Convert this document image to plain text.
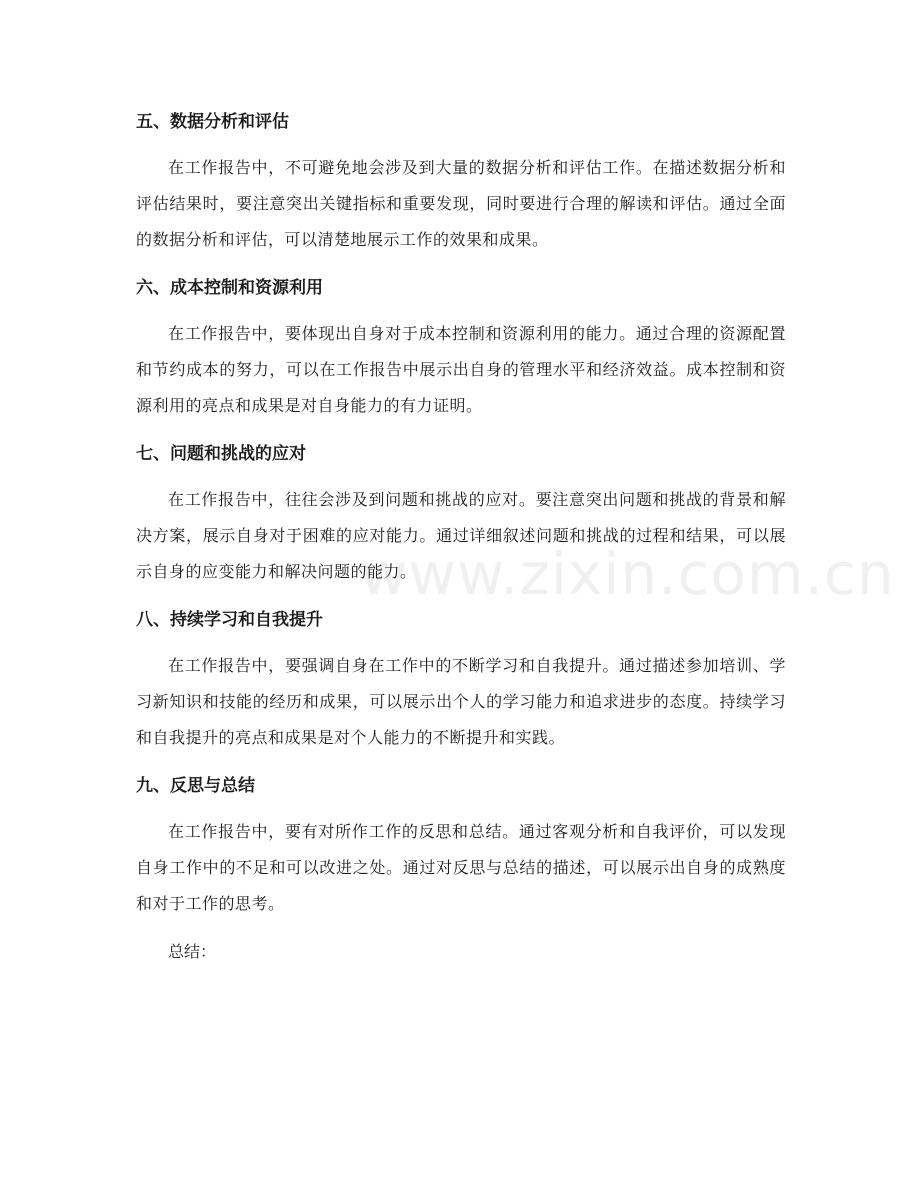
五、数据分析和评估

在工作报告中，不可避免地会涉及到大量的数据分析和评估工作。在描述数据分析和评估结果时，要注意突出关键指标和重要发现，同时要进行合理的解读和评估。通过全面的数据分析和评估，可以清楚地展示工作的效果和成果。

六、成本控制和资源利用

在工作报告中，要体现出自身对于成本控制和资源利用的能力。通过合理的资源配置和节约成本的努力，可以在工作报告中展示出自身的管理水平和经济效益。成本控制和资源利用的亮点和成果是对自身能力的有力证明。

七、问题和挑战的应对

在工作报告中，往往会涉及到问题和挑战的应对。要注意突出问题和挑战的背景和解决方案，展示自身对于困难的应对能力。通过详细叙述问题和挑战的过程和结果，可以展示自身的应变能力和解决问题的能力。

八、持续学习和自我提升

在工作报告中，要强调自身在工作中的不断学习和自我提升。通过描述参加培训、学习新知识和技能的经历和成果，可以展示出个人的学习能力和追求进步的态度。持续学习和自我提升的亮点和成果是对个人能力的不断提升和实践。

九、反思与总结

在工作报告中，要有对所作工作的反思和总结。通过客观分析和自我评价，可以发现自身工作中的不足和可以改进之处。通过对反思与总结的描述，可以展示出自身的成熟度和对于工作的思考。

总结：

www.zixin.com.cn
